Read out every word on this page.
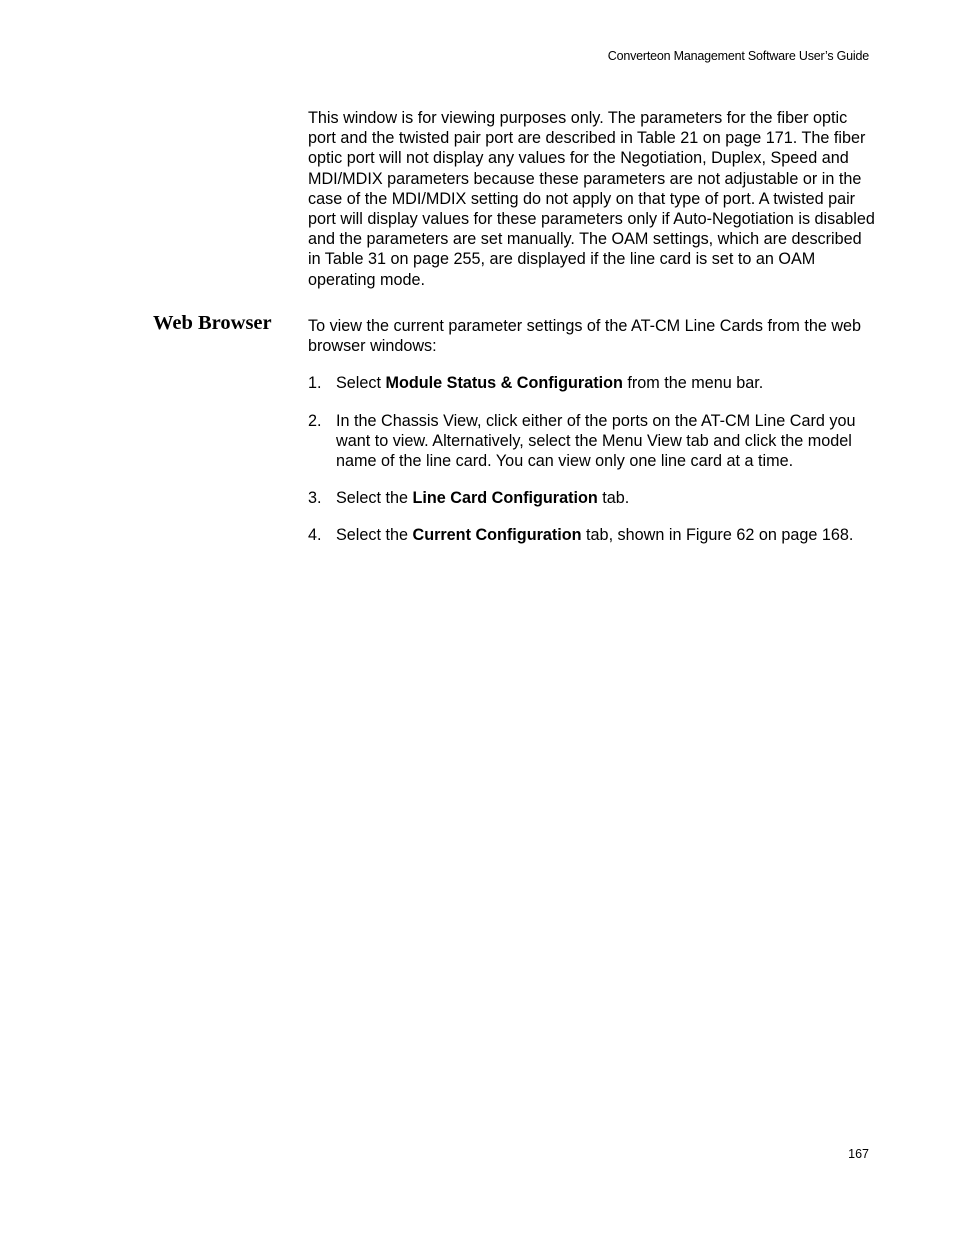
Converteon Management Software User’s Guide

This window is for viewing purposes only. The parameters for the fiber optic port and the twisted pair port are described in Table 21 on page 171. The fiber optic port will not display any values for the Negotiation, Duplex, Speed and MDI/MDIX parameters because these parameters are not adjustable or in the case of the MDI/MDIX setting do not apply on that type of port. A twisted pair port will display values for these parameters only if Auto-Negotiation is disabled and the parameters are set manually. The OAM settings, which are described in Table 31 on page 255, are displayed if the line card is set to an OAM operating mode.

Web Browser To view the current parameter settings of the AT-CM Line Cards from the web browser windows:

1. Select Module Status & Configuration from the menu bar.
2. In the Chassis View, click either of the ports on the AT-CM Line Card you want to view. Alternatively, select the Menu View tab and click the model name of the line card. You can view only one line card at a time.
3. Select the Line Card Configuration tab.
4. Select the Current Configuration tab, shown in Figure 62 on page 168.
167
